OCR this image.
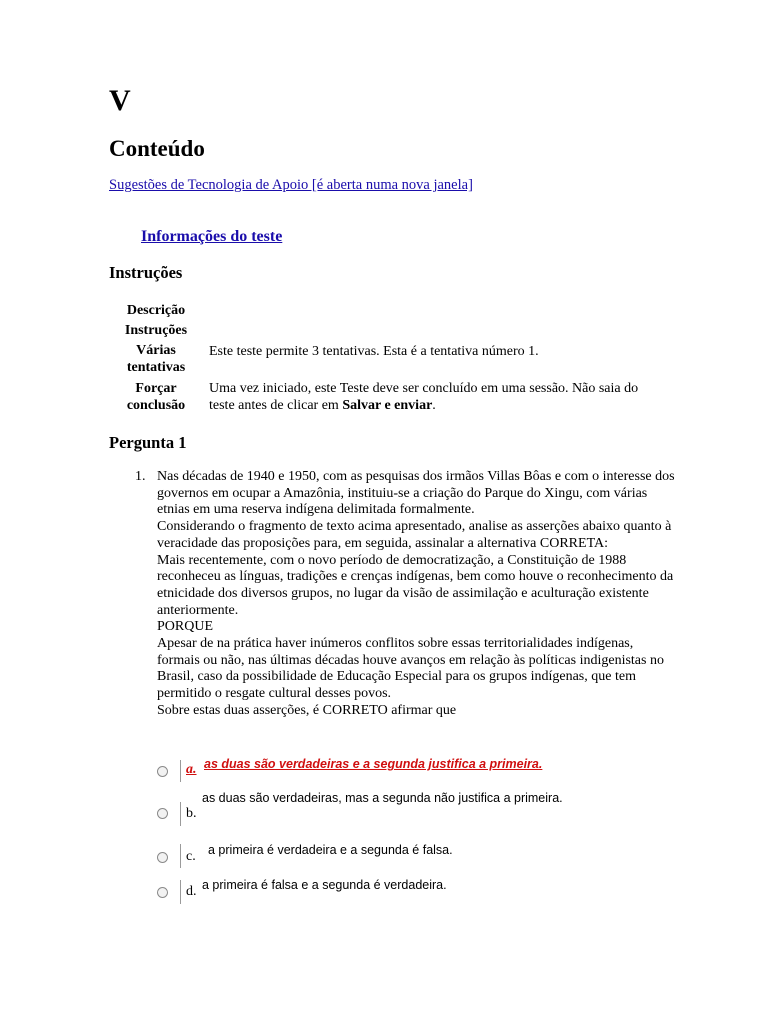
V
Conteúdo
Sugestões de Tecnologia de Apoio [é aberta numa nova janela]
Informações do teste
Instruções
Descrição
Instruções
Várias
tentativas
Este teste permite 3 tentativas. Esta é a tentativa número 1.
Forçar
conclusão
Uma vez iniciado, este Teste deve ser concluído em uma sessão. Não saia do teste antes de clicar em Salvar e enviar.
Pergunta 1
1. Nas décadas de 1940 e 1950, com as pesquisas dos irmãos Villas Bôas e com o interesse dos governos em ocupar a Amazônia, instituiu-se a criação do Parque do Xingu, com várias etnias em uma reserva indígena delimitada formalmente.

Considerando o fragmento de texto acima apresentado, analise as asserções abaixo quanto à veracidade das proposições para, em seguida, assinalar a alternativa CORRETA:

Mais recentemente, com o novo período de democratização, a Constituição de 1988 reconheceu as línguas, tradições e crenças indígenas, bem como houve o reconhecimento da etnicidade dos diversos grupos, no lugar da visão de assimilação e aculturação existente anteriormente.

PORQUE

Apesar de na prática haver inúmeros conflitos sobre essas territorialidades indígenas, formais ou não, nas últimas décadas houve avanços em relação às políticas indigenistas no Brasil, caso da possibilidade de Educação Especial para os grupos indígenas, que tem permitido o resgate cultural desses povos.

Sobre estas duas asserções, é CORRETO afirmar que

a. as duas são verdadeiras e a segunda justifica a primeira.
b.
as duas são verdadeiras, mas a segunda não justifica a primeira.
c. a primeira é verdadeira e a segunda é falsa.
d. a primeira é falsa e a segunda é verdadeira.
